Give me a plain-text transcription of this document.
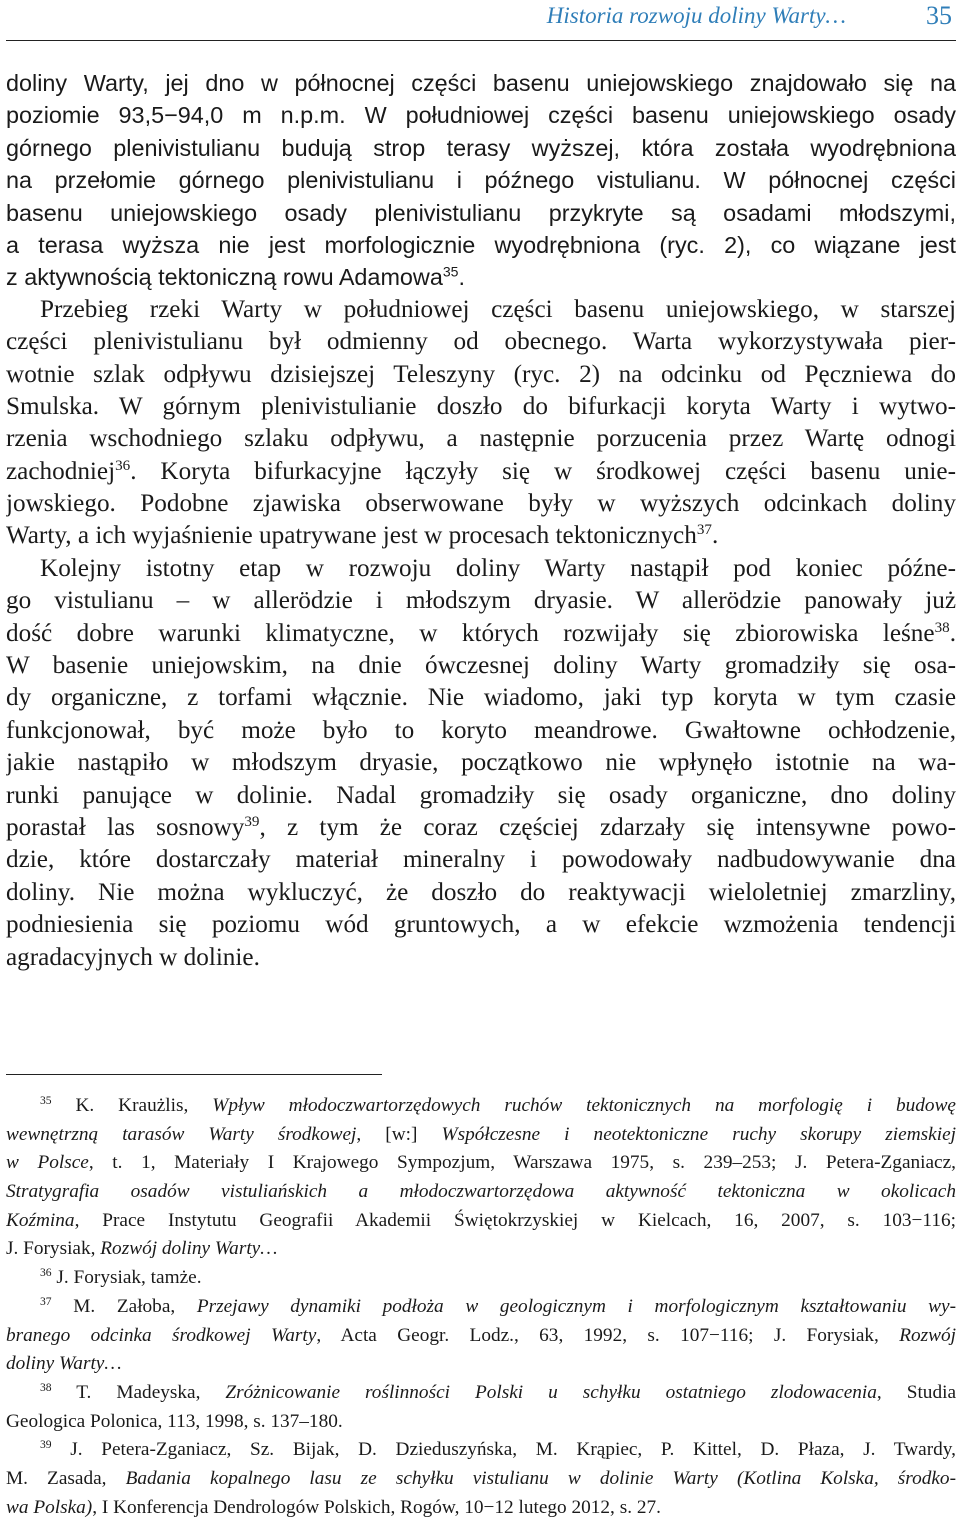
Historia rozwoju doliny Warty…	35
doliny Warty, jej dno w północnej części basenu uniejowskiego znajdowało się na
poziomie 93,5−94,0 m n.p.m. W południowej części basenu uniejowskiego osady
górnego plenivistulianu budują strop terasy wyższej, która została wyodrębniona
na przełomie górnego plenivistulianu i późnego vistulianu. W północnej części
basenu uniejowskiego osady plenivistulianu przykryte są osadami młodszymi,
a terasa wyższa nie jest morfologicznie wyodrębniona (ryc. 2), co wiązane jest
z aktywnością tektoniczną rowu Adamowa$^{35}$.
Przebieg rzeki Warty w południowej części basenu uniejowskiego, w starszej
części plenivistulianu był odmienny od obecnego. Warta wykorzystywała pier-
wotnie szlak odpływu dzisiejszej Teleszyny (ryc. 2) na odcinku od Pęczniewa do
Smulska. W górnym plenivistulianie doszło do bifurkacji koryta Warty i wytwo-
rzenia wschodniego szlaku odpływu, a następnie porzucenia przez Wartę odnogi
zachodniej$^{36}$. Koryta bifurkacyjne łączyły się w środkowej części basenu unie-
jowskiego. Podobne zjawiska obserwowane były w wyższych odcinkach doliny
Warty, a ich wyjaśnienie upatrywane jest w procesach tektonicznych$^{37}$.
Kolejny istotny etap w rozwoju doliny Warty nastąpił pod koniec późne-
go vistulianu – w allerödzie i młodszym dryasie. W allerödzie panowały już
dość dobre warunki klimatyczne, w których rozwijały się zbiorowiska leśne$^{38}$.
W basenie uniejowskim, na dnie ówczesnej doliny Warty gromadziły się osa-
dy organiczne, z torfami włącznie. Nie wiadomo, jaki typ koryta w tym czasie
funkcjonował, być może było to koryto meandrowe. Gwałtowne ochłodzenie,
jakie nastąpiło w młodszym dryasie, początkowo nie wpłynęło istotnie na wa-
runki panujące w dolinie. Nadal gromadziły się osady organiczne, dno doliny
porastał las sosnowy$^{39}$, z tym że coraz częściej zdarzały się intensywne powo-
dzie, które dostarczały materiał mineralny i powodowały nadbudowywanie dna
doliny. Nie można wykluczyć, że doszło do reaktywacji wieloletniej zmarzliny,
podniesienia się poziomu wód gruntowych, a w efekcie wzmożenia tendencji
agradacyjnych w dolinie.
$^{35}$ K. Kraużlis, Wpływ młodoczwartorzędowych ruchów tektonicznych na morfologię i budowę
wewnętrzną tarasów Warty środkowej, [w:] Współczesne i neotektoniczne ruchy skorupy ziemskiej
w Polsce, t. 1, Materiały I Krajowego Sympozjum, Warszawa 1975, s. 239–253; J. Petera-Zganiacz,
Stratygrafia osadów vistuliańskich a młodoczwartorzędowa aktywność tektoniczna w okolicach
Koźmina, Prace Instytutu Geografii Akademii Świętokrzyskiej w Kielcach, 16, 2007, s. 103−116;
J. Forysiak, Rozwój doliny Warty…
$^{36}$ J. Forysiak, tamże.
$^{37}$ M. Załoba, Przejawy dynamiki podłoża w geologicznym i morfologicznym kształtowaniu wy-
branego odcinka środkowej Warty, Acta Geogr. Lodz., 63, 1992, s. 107−116; J. Forysiak, Rozwój
doliny Warty…
$^{38}$ T. Madeyska, Zróżnicowanie roślinności Polski u schyłku ostatniego zlodowacenia, Studia
Geologica Polonica, 113, 1998, s. 137–180.
$^{39}$ J. Petera-Zganiacz, Sz. Bijak, D. Dzieduszyńska, M. Krąpiec, P. Kittel, D. Płaza, J. Twardy,
M. Zasada, Badania kopalnego lasu ze schyłku vistulianu w dolinie Warty (Kotlina Kolska, środko-
wa Polska), I Konferencja Dendrologów Polskich, Rogów, 10−12 lutego 2012, s. 27.
